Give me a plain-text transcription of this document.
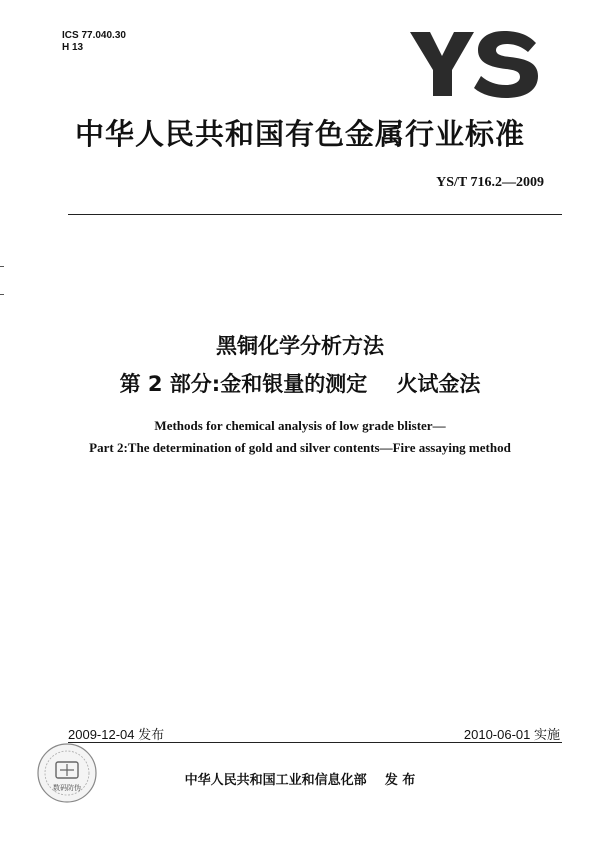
ICS 77.040.30
H 13
中华人民共和国有色金属行业标准
YS/T 716.2—2009
黑铜化学分析方法
第 2 部分:金和银量的测定    火试金法
Methods for chemical analysis of low grade blister—
Part 2:The determination of gold and silver contents—Fire assaying method
2009-12-04 发布	2010-06-01 实施
数码防伪	中华人民共和国工业和信息化部    发 布
